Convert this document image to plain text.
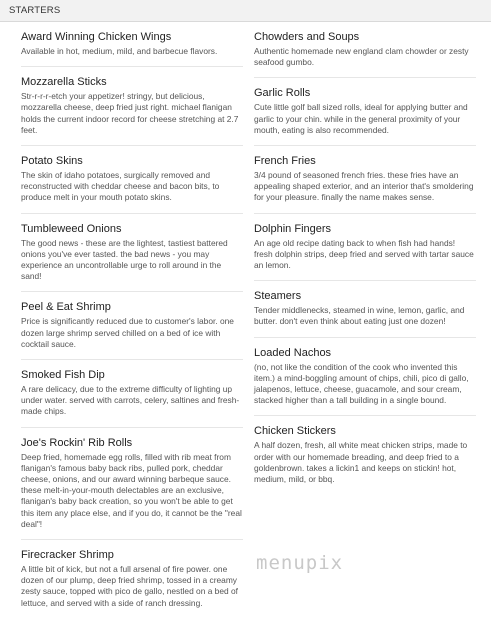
STARTERS
Award Winning Chicken Wings
Available in hot, medium, mild, and barbecue flavors.
Mozzarella Sticks
Str-r-r-r-etch your appetizer! stringy, but delicious, mozzarella cheese, deep fried just right. michael flanigan holds the current indoor record for cheese stretching at 2.7 feet.
Potato Skins
The skin of idaho potatoes, surgically removed and reconstructed with cheddar cheese and bacon bits, to produce melt in your mouth potato skins.
Tumbleweed Onions
The good news - these are the lightest, tastiest battered onions you've ever tasted. the bad news - you may experience an uncontrollable urge to roll around in the sand!
Peel & Eat Shrimp
Price is significantly reduced due to customer's labor. one dozen large shrimp served chilled on a bed of ice with cocktail sauce.
Smoked Fish Dip
A rare delicacy, due to the extreme difficulty of lighting up under water. served with carrots, celery, saltines and fresh-made chips.
Joe's Rockin' Rib Rolls
Deep fried, homemade egg rolls, filled with rib meat from flanigan's famous baby back ribs, pulled pork, cheddar cheese, onions, and our award winning barbeque sauce. these melt-in-your-mouth delectables are an exclusive, flanigan's baby back creation, so you won't be able to get this item any place else, and if you do, it cannot be the "real deal"!
Firecracker Shrimp
A little bit of kick, but not a full arsenal of fire power. one dozen of our plump, deep fried shrimp, tossed in a creamy zesty sauce, topped with pico de gallo, nestled on a bed of lettuce, and served with a side of ranch dressing.
Chowders and Soups
Authentic homemade new england clam chowder or zesty seafood gumbo.
Garlic Rolls
Cute little golf ball sized rolls, ideal for applying butter and garlic to your chin. while in the general proximity of your mouth, eating is also recommended.
French Fries
3/4 pound of seasoned french fries. these fries have an appealing shaped exterior, and an interior that's smoldering for your pleasure. finally the name makes sense.
Dolphin Fingers
An age old recipe dating back to when fish had hands! fresh dolphin strips, deep fried and served with tartar sauce an lemon.
Steamers
Tender middlenecks, steamed in wine, lemon, garlic, and butter. don't even think about eating just one dozen!
Loaded Nachos
(no, not like the condition of the cook who invented this item.) a mind-boggling amount of chips, chili, pico di gallo, jalapenos, lettuce, cheese, guacamole, and sour cream, stacked higher than a tall building in a single bound.
Chicken Stickers
A half dozen, fresh, all white meat chicken strips, made to order with our homemade breading, and deep fried to a goldenbrown. takes a lickin1 and keeps on stickin! hot, medium, mild, or bbq.
menupix
